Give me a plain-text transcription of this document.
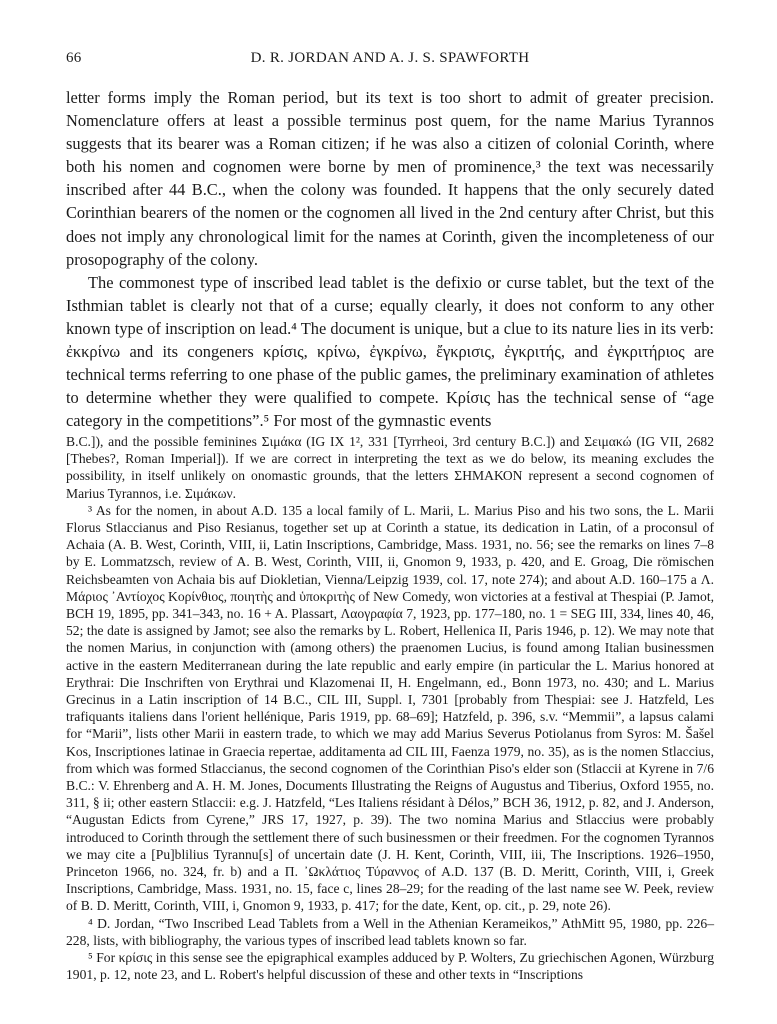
66	D. R. JORDAN AND A. J. S. SPAWFORTH

letter forms imply the Roman period, but its text is too short to admit of greater precision. Nomenclature offers at least a possible terminus post quem, for the name Marius Tyrannos suggests that its bearer was a Roman citizen; if he was also a citizen of colonial Corinth, where both his nomen and cognomen were borne by men of prominence,³ the text was necessarily inscribed after 44 B.C., when the colony was founded. It happens that the only securely dated Corinthian bearers of the nomen or the cognomen all lived in the 2nd century after Christ, but this does not imply any chronological limit for the names at Corinth, given the incompleteness of our prosopography of the colony.

The commonest type of inscribed lead tablet is the defixio or curse tablet, but the text of the Isthmian tablet is clearly not that of a curse; equally clearly, it does not conform to any other known type of inscription on lead.⁴ The document is unique, but a clue to its nature lies in its verb: ἐκκρίνω and its congeners κρίσις, κρίνω, ἐγκρίνω, ἔγκρισις, ἐγκριτής, and ἐγκριτήριος are technical terms referring to one phase of the public games, the preliminary examination of athletes to determine whether they were qualified to compete. Κρίσις has the technical sense of “age category in the competitions”.⁵ For most of the gymnastic events

B.C.]), and the possible feminines Σιμάκα (IG IX 1², 331 [Tyrrheoi, 3rd century B.C.]) and Σειμακώ (IG VII, 2682 [Thebes?, Roman Imperial]). If we are correct in interpreting the text as we do below, its meaning excludes the possibility, in itself unlikely on onomastic grounds, that the letters ΣΗΜΑΚΟΝ represent a second cognomen of Marius Tyrannos, i.e. Σιμάκων.

³ As for the nomen, in about A.D. 135 a local family of L. Marii, L. Marius Piso and his two sons, the L. Marii Florus Stlaccianus and Piso Resianus, together set up at Corinth a statue, its dedication in Latin, of a proconsul of Achaia (A. B. West, Corinth, VIII, ii, Latin Inscriptions, Cambridge, Mass. 1931, no. 56; see the remarks on lines 7–8 by E. Lommatzsch, review of A. B. West, Corinth, VIII, ii, Gnomon 9, 1933, p. 420, and E. Groag, Die römischen Reichsbeamten von Achaia bis auf Diokletian, Vienna/Leipzig 1939, col. 17, note 274); and about A.D. 160–175 a Λ. Μάριος ᾽Αντίοχος Κορίνθιος, ποιητὴς and ὑποκριτὴς of New Comedy, won victories at a festival at Thespiai (P. Jamot, BCH 19, 1895, pp. 341–343, no. 16 + A. Plassart, Λαογραφία 7, 1923, pp. 177–180, no. 1 = SEG III, 334, lines 40, 46, 52; the date is assigned by Jamot; see also the remarks by L. Robert, Hellenica II, Paris 1946, p. 12). We may note that the nomen Marius, in conjunction with (among others) the praenomen Lucius, is found among Italian businessmen active in the eastern Mediterranean during the late republic and early empire (in particular the L. Marius honored at Erythrai: Die Inschriften von Erythrai und Klazomenai II, H. Engelmann, ed., Bonn 1973, no. 430; and L. Marius Grecinus in a Latin inscription of 14 B.C., CIL III, Suppl. I, 7301 [probably from Thespiai: see J. Hatzfeld, Les trafiquants italiens dans l'orient hellénique, Paris 1919, pp. 68–69]; Hatzfeld, p. 396, s.v. “Memmii”, a lapsus calami for “Marii”, lists other Marii in eastern trade, to which we may add Marius Severus Potiolanus from Syros: M. Šašel Kos, Inscriptiones latinae in Graecia repertae, additamenta ad CIL III, Faenza 1979, no. 35), as is the nomen Stlaccius, from which was formed Stlaccianus, the second cognomen of the Corinthian Piso's elder son (Stlaccii at Kyrene in 7/6 B.C.: V. Ehrenberg and A. H. M. Jones, Documents Illustrating the Reigns of Augustus and Tiberius, Oxford 1955, no. 311, § ii; other eastern Stlaccii: e.g. J. Hatzfeld, “Les Italiens résidant à Délos,” BCH 36, 1912, p. 82, and J. Anderson, “Augustan Edicts from Cyrene,” JRS 17, 1927, p. 39). The two nomina Marius and Stlaccius were probably introduced to Corinth through the settlement there of such businessmen or their freedmen. For the cognomen Tyrannos we may cite a [Pu]blilius Tyrannu[s] of uncertain date (J. H. Kent, Corinth, VIII, iii, The Inscriptions. 1926–1950, Princeton 1966, no. 324, fr. b) and a Π. ᾽Ωκλάτιος Τύραννος of A.D. 137 (B. D. Meritt, Corinth, VIII, i, Greek Inscriptions, Cambridge, Mass. 1931, no. 15, face c, lines 28–29; for the reading of the last name see W. Peek, review of B. D. Meritt, Corinth, VIII, i, Gnomon 9, 1933, p. 417; for the date, Kent, op. cit., p. 29, note 26).

⁴ D. Jordan, “Two Inscribed Lead Tablets from a Well in the Athenian Kerameikos,” AthMitt 95, 1980, pp. 226–228, lists, with bibliography, the various types of inscribed lead tablets known so far.

⁵ For κρίσις in this sense see the epigraphical examples adduced by P. Wolters, Zu griechischen Agonen, Würzburg 1901, p. 12, note 23, and L. Robert's helpful discussion of these and other texts in “Inscriptions
